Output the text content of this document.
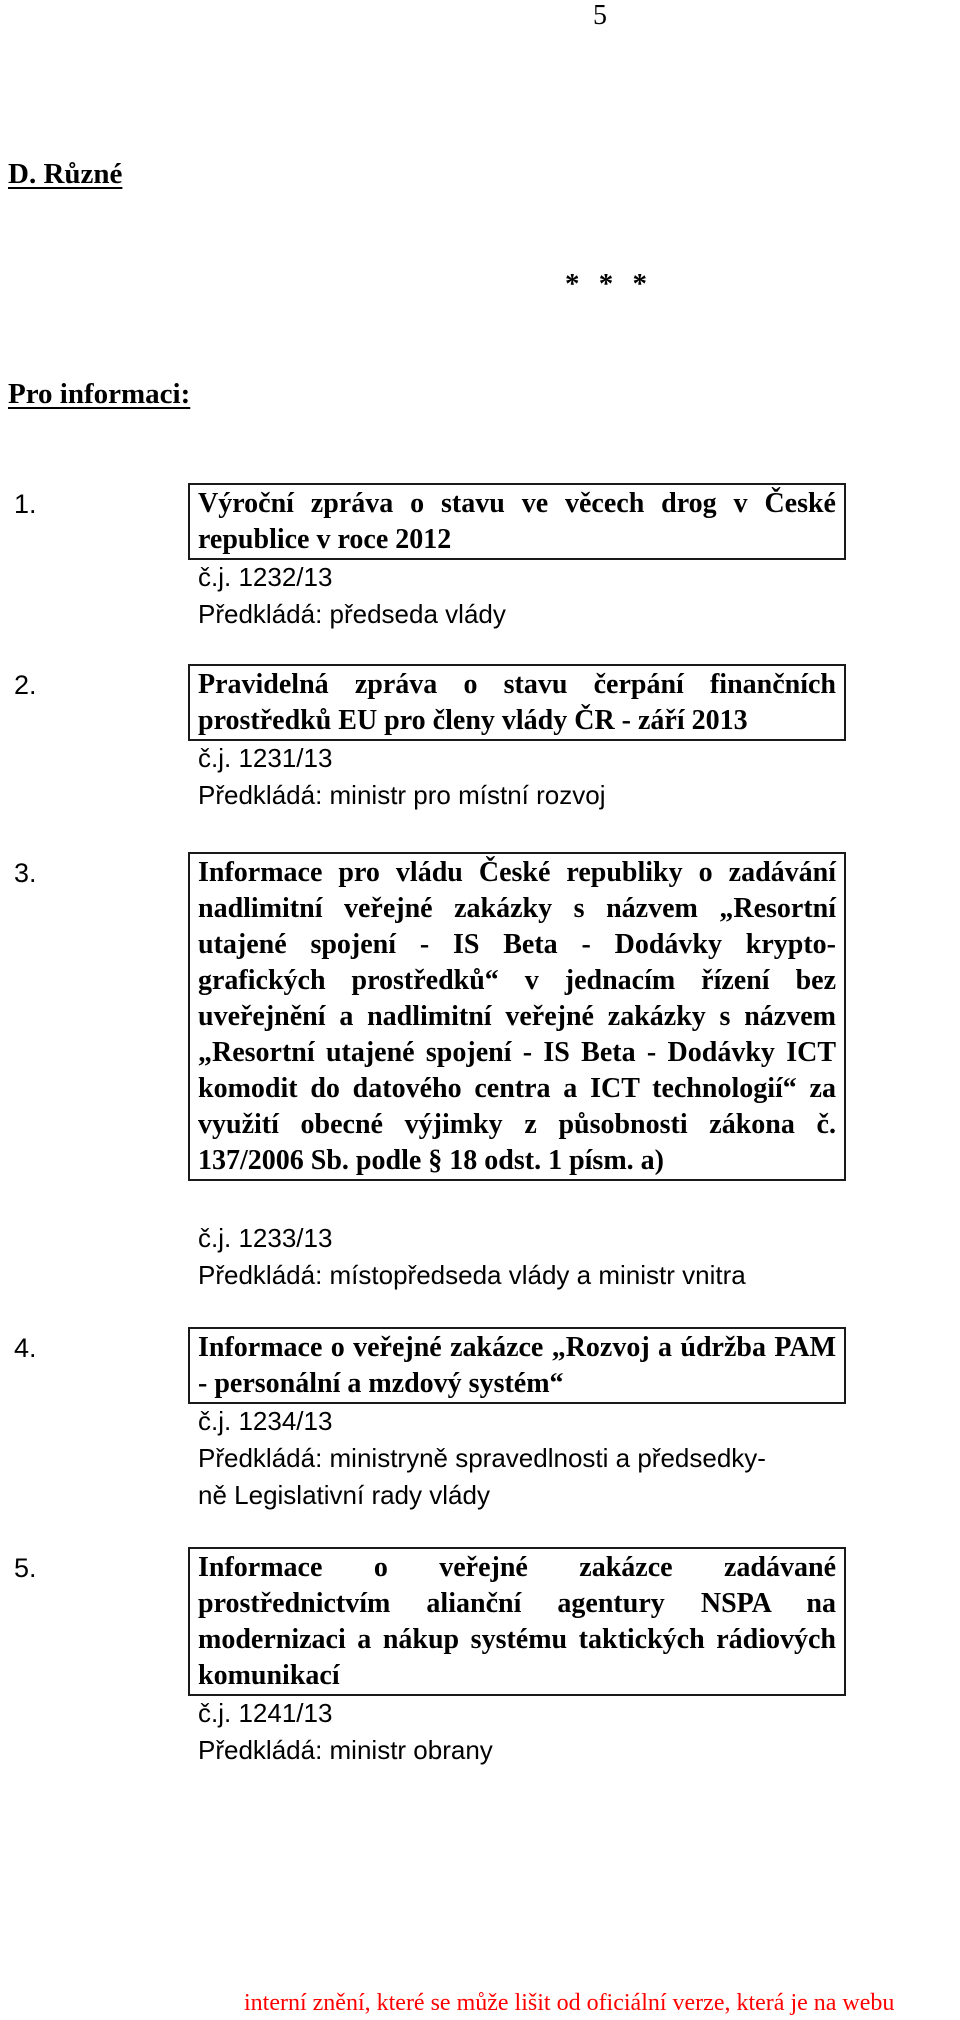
5
D. Různé
* * *
Pro informaci:
1.	Výroční zpráva o stavu ve věcech drog v České republice v roce 2012
č.j. 1232/13
Předkládá: předseda vlády
2.	Pravidelná zpráva o stavu čerpání finančních prostředků EU pro členy vlády ČR - září 2013
č.j. 1231/13
Předkládá: ministr pro místní rozvoj
3.	Informace pro vládu České republiky o zadávání nadlimitní veřejné zakázky s názvem „Resortní utajené spojení - IS Beta - Dodávky krypto-grafických prostředků“ v jednacím řízení bez uveřejnění a nadlimitní veřejné zakázky s názvem „Resortní utajené spojení - IS Beta - Dodávky ICT komodit do datového centra a ICT technologií“ za využití obecné výjimky z působnosti zákona č. 137/2006 Sb. podle § 18 odst. 1 písm. a)
č.j. 1233/13
Předkládá: místopředseda vlády a ministr vnitra
4.	Informace o veřejné zakázce „Rozvoj a údržba PAM - personální a mzdový systém“
č.j. 1234/13
Předkládá: ministryně spravedlnosti a předsedky-
ně Legislativní rady vlády
5.	Informace o veřejné zakázce zadávané prostřednictvím alianční agentury NSPA na modernizaci a nákup systému taktických rádiových komunikací
č.j. 1241/13
Předkládá: ministr obrany
interní znění, které se může lišit od oficiální verze, která je na webu
